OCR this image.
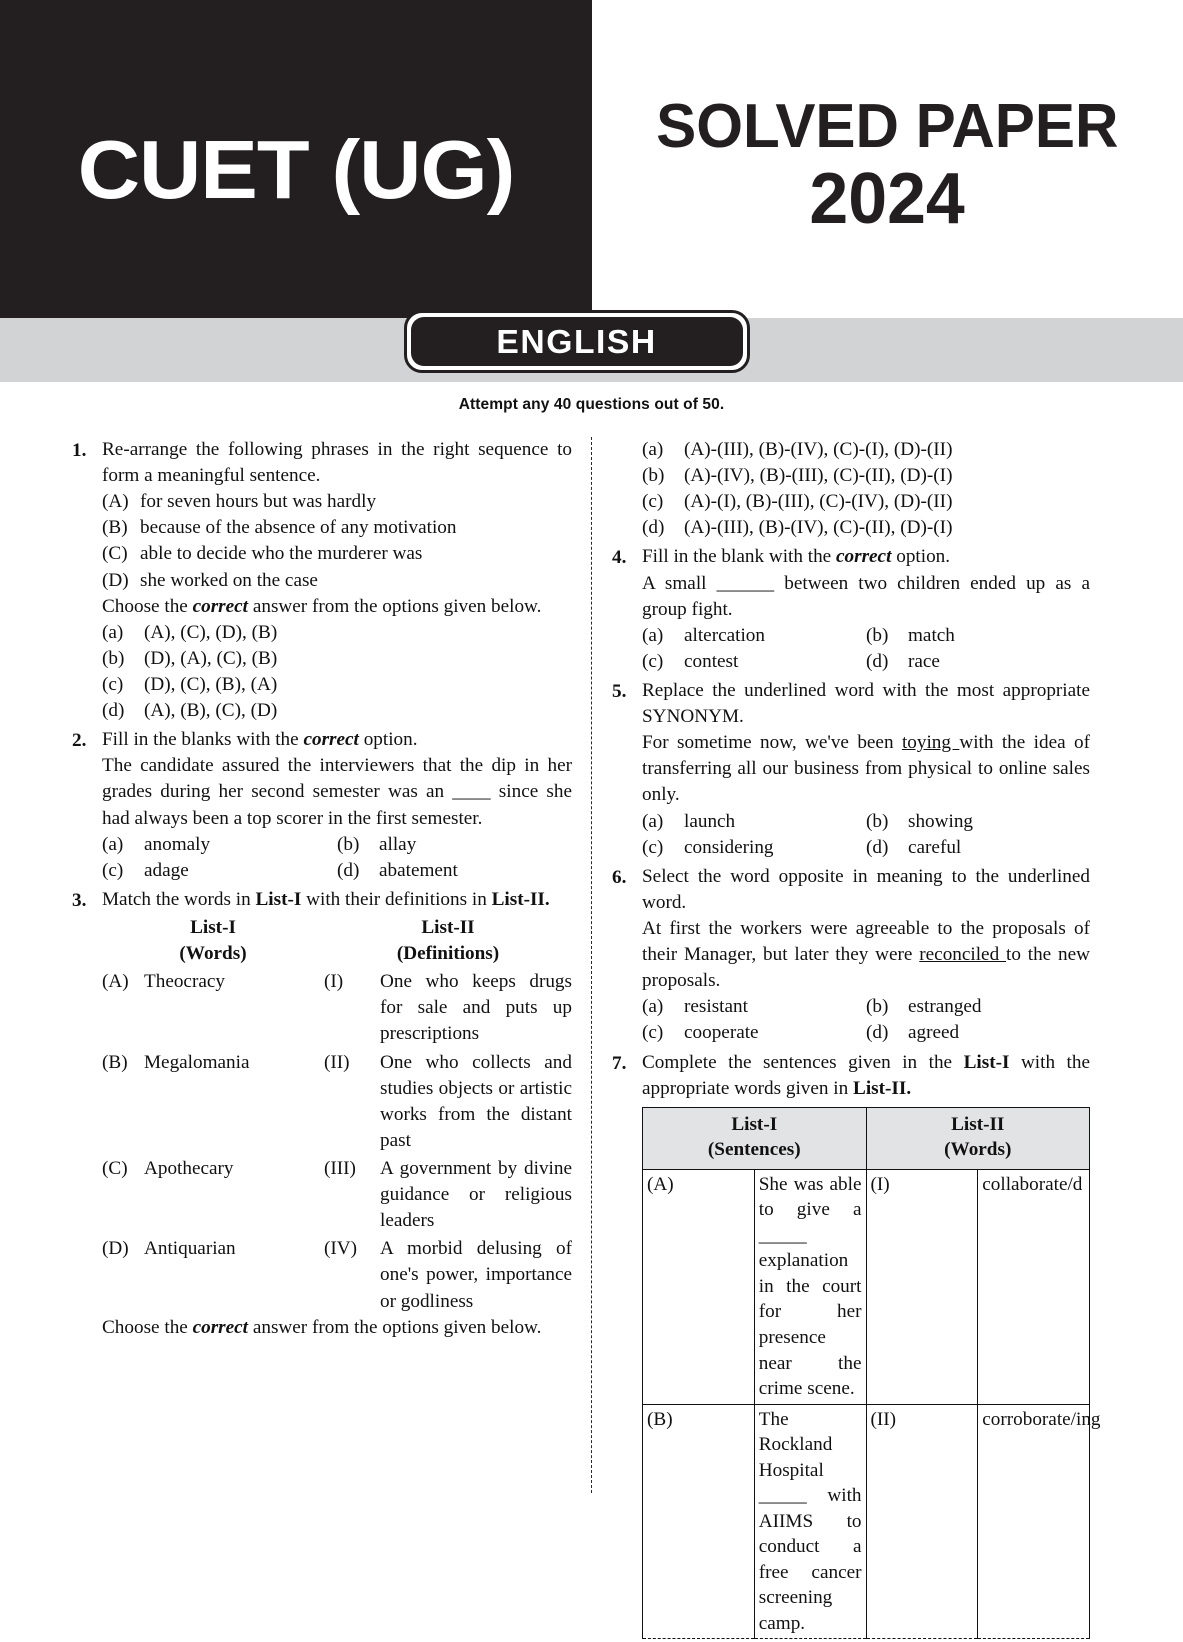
CUET (UG)	SOLVED PAPER
2024
ENGLISH
Attempt any 40 questions out of 50.
1. Re-arrange the following phrases in the right sequence to form a meaningful sentence.

(A) for seven hours but was hardly
(B) because of the absence of any motivation
(C) able to decide who the murderer was
(D) she worked on the case

Choose the correct answer from the options given below.

(a)	(A), (C), (D), (B)
(b)	(D), (A), (C), (B)
(c)	(D), (C), (B), (A)
(d)	(A), (B), (C), (D)
2. Fill in the blanks with the correct option.

The candidate assured the interviewers that the dip in her grades during her second semester was an ____ since she had always been a top scorer in the first semester.

(a)	anomaly	(b)	allay
(c)	adage	(d)	abatement
3. Match the words in List-I with their definitions in List-II.

List-I
(Words)
List-II
(Definitions)
(A) Theocracy	(I)	One who keeps drugs for sale and puts up prescriptions
(B) Megalomania	(II)	One who collects and studies objects or artistic works from the distant past
(C) Apothecary	(III)	A government by divine guidance or religious leaders
(D) Antiquarian	(IV)	A morbid delusing of one's power, importance or godliness

Choose the correct answer from the options given below.

(a)	(A)-(III), (B)-(IV), (C)-(I), (D)-(II)
(b)	(A)-(IV), (B)-(III), (C)-(II), (D)-(I)
(c)	(A)-(I), (B)-(III), (C)-(IV), (D)-(II)
(d)	(A)-(III), (B)-(IV), (C)-(II), (D)-(I)
4. Fill in the blank with the correct option.

A small ______ between two children ended up as a group fight.

(a)	altercation	(b)	match
(c)	contest	(d)	race
5. Replace the underlined word with the most appropriate SYNONYM.

For sometime now, we've been toying with the idea of transferring all our business from physical to online sales only.

(a)	launch	(b)	showing
(c)	considering	(d)	careful
6. Select the word opposite in meaning to the underlined word.

At first the workers were agreeable to the proposals of their Manager, but later they were reconciled to the new proposals.

(a)	resistant	(b)	estranged
(c)	cooperate	(d)	agreed
7. Complete the sentences given in the List-I with the appropriate words given in List-II.

List-I
(Sentences)

List-II
(Words)

(A)	She was able to give a _____ explanation in the court for her presence near the crime scene.	(I)	collaborate/d
(B)	The Rockland Hospital _____ with AIIMS to conduct a free cancer screening camp.	(II)	corroborate/ing
